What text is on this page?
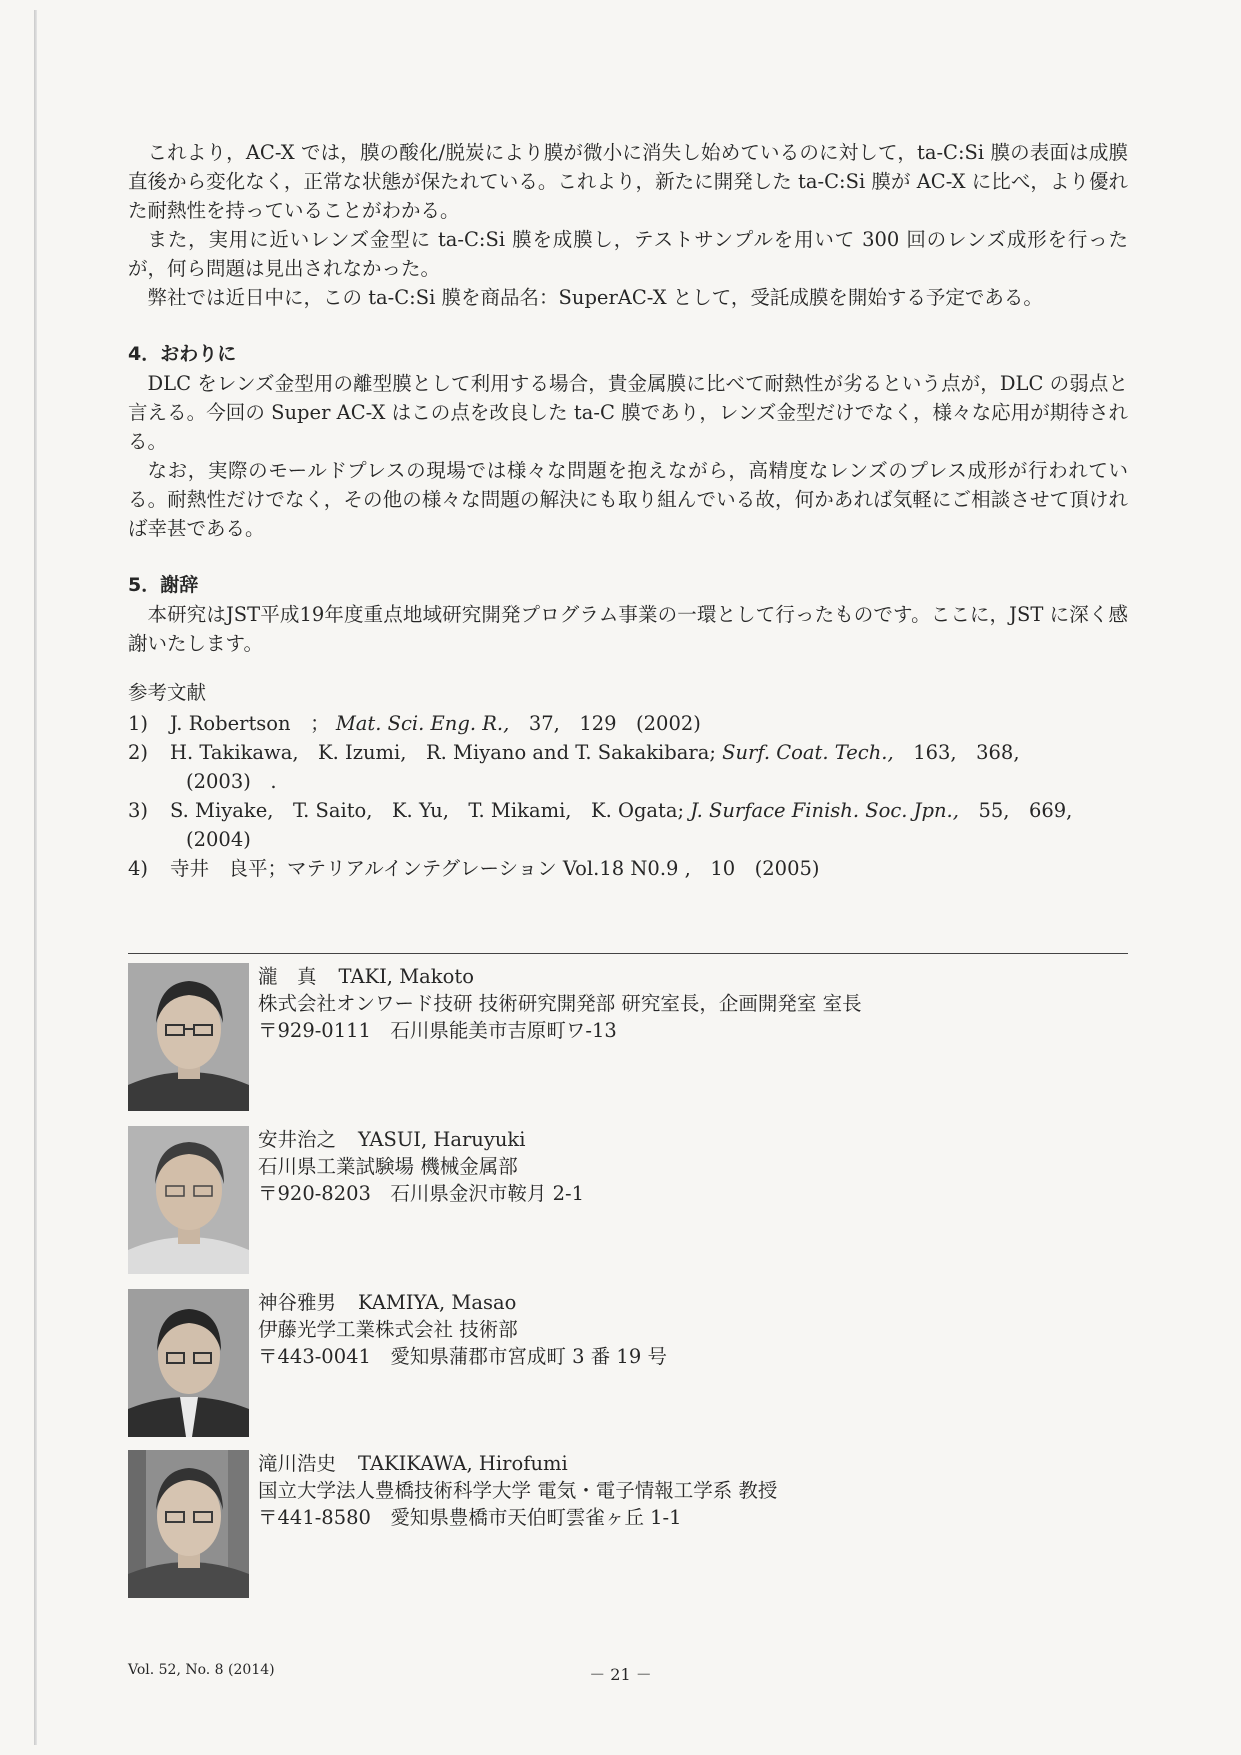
これより，AC-X では，膜の酸化/脱炭により膜が微小に消失し始めているのに対して，ta-C:Si 膜の表面は成膜直後から変化なく，正常な状態が保たれている。これより，新たに開発した ta-C:Si 膜が AC-X に比べ，より優れた耐熱性を持っていることがわかる。

また，実用に近いレンズ金型に ta-C:Si 膜を成膜し，テストサンプルを用いて 300 回のレンズ成形を行ったが，何ら問題は見出されなかった。

弊社では近日中に，この ta-C:Si 膜を商品名：SuperAC-X として，受託成膜を開始する予定である。

4．おわりに

DLC をレンズ金型用の離型膜として利用する場合，貴金属膜に比べて耐熱性が劣るという点が，DLC の弱点と言える。今回の Super AC-X はこの点を改良した ta-C 膜であり，レンズ金型だけでなく，様々な応用が期待される。

なお，実際のモールドプレスの現場では様々な問題を抱えながら，高精度なレンズのプレス成形が行われている。耐熱性だけでなく，その他の様々な問題の解決にも取り組んでいる故，何かあれば気軽にご相談させて頂ければ幸甚である。

5．謝辞

本研究はJST平成19年度重点地域研究開発プログラム事業の一環として行ったものです。ここに，JST に深く感謝いたします。

参考文献
1)	J. Robertson　； Mat. Sci. Eng. R.,　37,　129　(2002)
2)	H. Takikawa,　K. Izumi,　R. Miyano and T. Sakakibara; Surf. Coat. Tech.,　163,　368,
(2003)　.
3)	S. Miyake,　T. Saito,　K. Yu,　T. Mikami,　K. Ogata; J. Surface Finish. Soc. Jpn.,　55,　669,
(2004)
4)	寺井　良平；マテリアルインテグレーション Vol.18 N0.9 ,　10　(2005)
瀧　真 TAKI, Makoto
株式会社オンワード技研 技術研究開発部 研究室長，企画開発室 室長
〒929-0111　石川県能美市吉原町ワ-13
安井治之 YASUI, Haruyuki
石川県工業試験場 機械金属部
〒920-8203　石川県金沢市鞍月 2-1
神谷雅男 KAMIYA, Masao
伊藤光学工業株式会社 技術部
〒443-0041　愛知県蒲郡市宮成町 3 番 19 号
滝川浩史 TAKIKAWA, Hirofumi
国立大学法人豊橋技術科学大学 電気・電子情報工学系 教授
〒441-8580　愛知県豊橋市天伯町雲雀ヶ丘 1-1
Vol. 52, No. 8 (2014)	－ 21 －
